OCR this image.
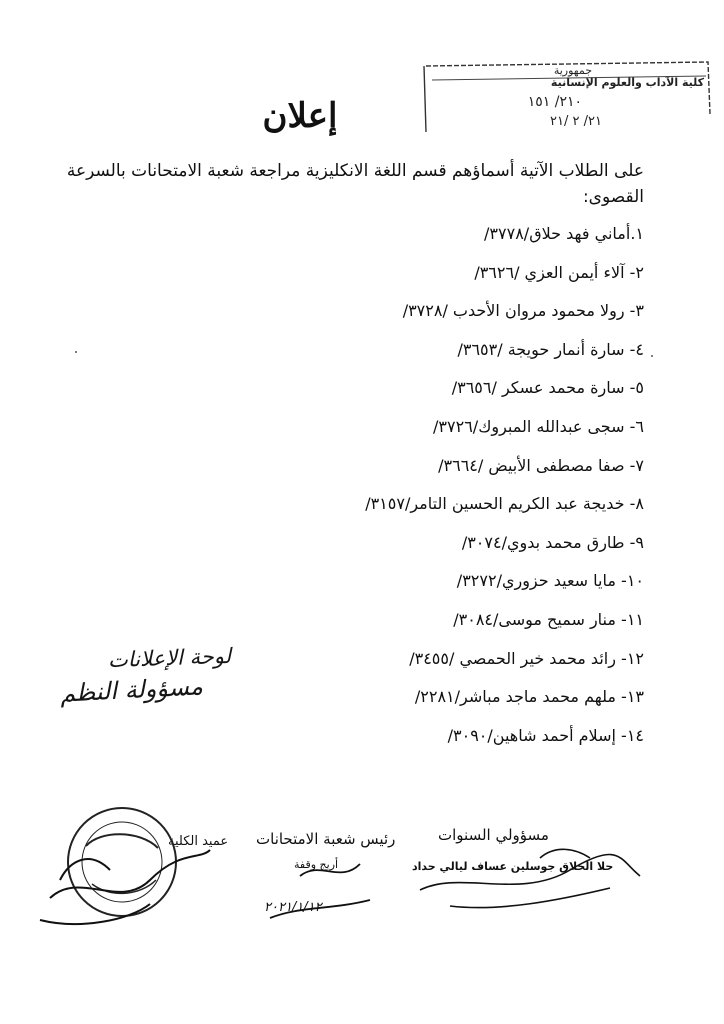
جمهورية
كلية الآداب والعلوم الإنسانية
٢١٠/ ١٥١
٢١/ ٢ /٢١
إعلان
على الطلاب الآتية أسماؤهم قسم اللغة الانكليزية مراجعة شعبة الامتحانات بالسرعة القصوى:
١.أماني فهد حلاق/٣٧٧٨/
٢- آلاء أيمن العزي /٣٦٢٦/
٣- رولا محمود مروان الأحدب /٣٧٢٨/
٤- سارة أنمار حويجة /٣٦٥٣/
٥- سارة محمد عسكر /٣٦٥٦/
٦- سجى عبدالله المبروك/٣٧٢٦/
٧- صفا مصطفى الأبيض /٣٦٦٤/
٨- خديجة عبد الكريم الحسين التامر/٣١٥٧/
٩- طارق محمد بدوي/٣٠٧٤/
١٠- مايا سعيد حزوري/٣٢٧٢/
١١- منار سميح موسى/٣٠٨٤/
١٢- رائد محمد خير الحمصي /٣٤٥٥/
١٣- ملهم محمد ماجد مباشر/٢٢٨١/
١٤- إسلام أحمد شاهين/٣٠٩٠/
لوحة الإعلانات
مسؤولة النظم
مسؤولي السنوات
حلا الحلاق جوسلين عساف ليالي حداد
رئيس شعبة الامتحانات
أريج وقفة
٢٠٢١/١/١٢
عميد الكلية
